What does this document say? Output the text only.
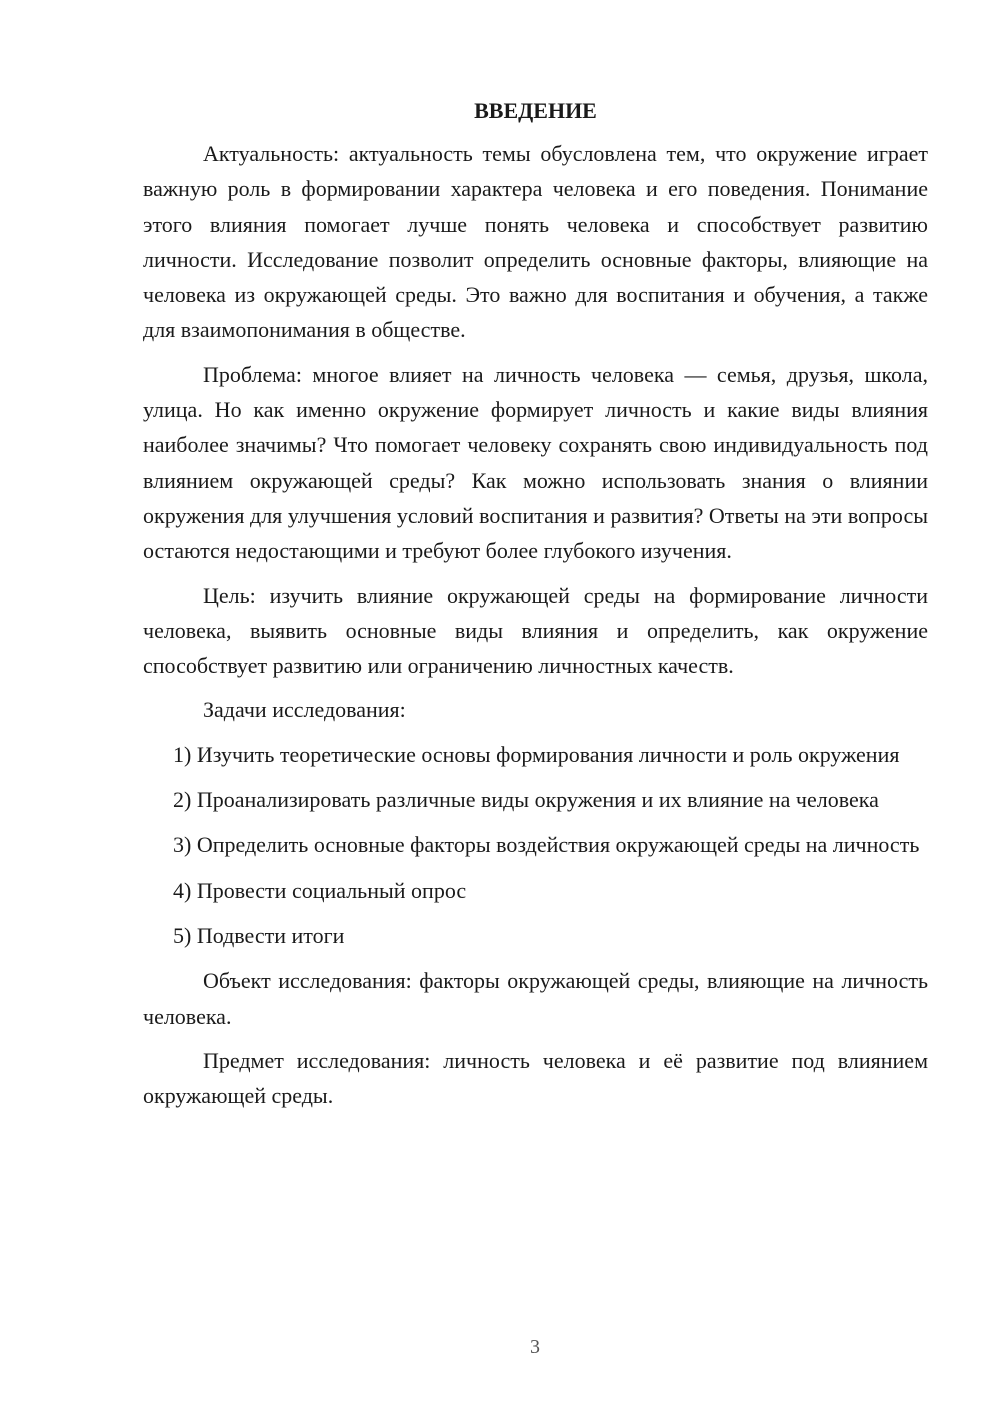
ВВЕДЕНИЕ

Актуальность: актуальность темы обусловлена тем, что окружение играет важную роль в формировании характера человека и его поведения. Понимание этого влияния помогает лучше понять человека и способствует развитию личности. Исследование позволит определить основные факторы, влияющие на человека из окружающей среды. Это важно для воспитания и обучения, а также для взаимопонимания в обществе.

Проблема: многое влияет на личность человека — семья, друзья, школа, улица. Но как именно окружение формирует личность и какие виды влияния наиболее значимы? Что помогает человеку сохранять свою индивидуальность под влиянием окружающей среды? Как можно использовать знания о влиянии окружения для улучшения условий воспитания и развития? Ответы на эти вопросы остаются недостающими и требуют более глубокого изучения.

Цель: изучить влияние окружающей среды на формирование личности человека, выявить основные виды влияния и определить, как окружение способствует развитию или ограничению личностных качеств.

Задачи исследования:

1) Изучить теоретические основы формирования личности и роль окружения

2) Проанализировать различные виды окружения и их влияние на человека

3) Определить основные факторы воздействия окружающей среды на личность

4) Провести социальный опрос

5) Подвести итоги

Объект исследования: факторы окружающей среды, влияющие на личность человека.

Предмет исследования: личность человека и её развитие под влиянием окружающей среды.

3
